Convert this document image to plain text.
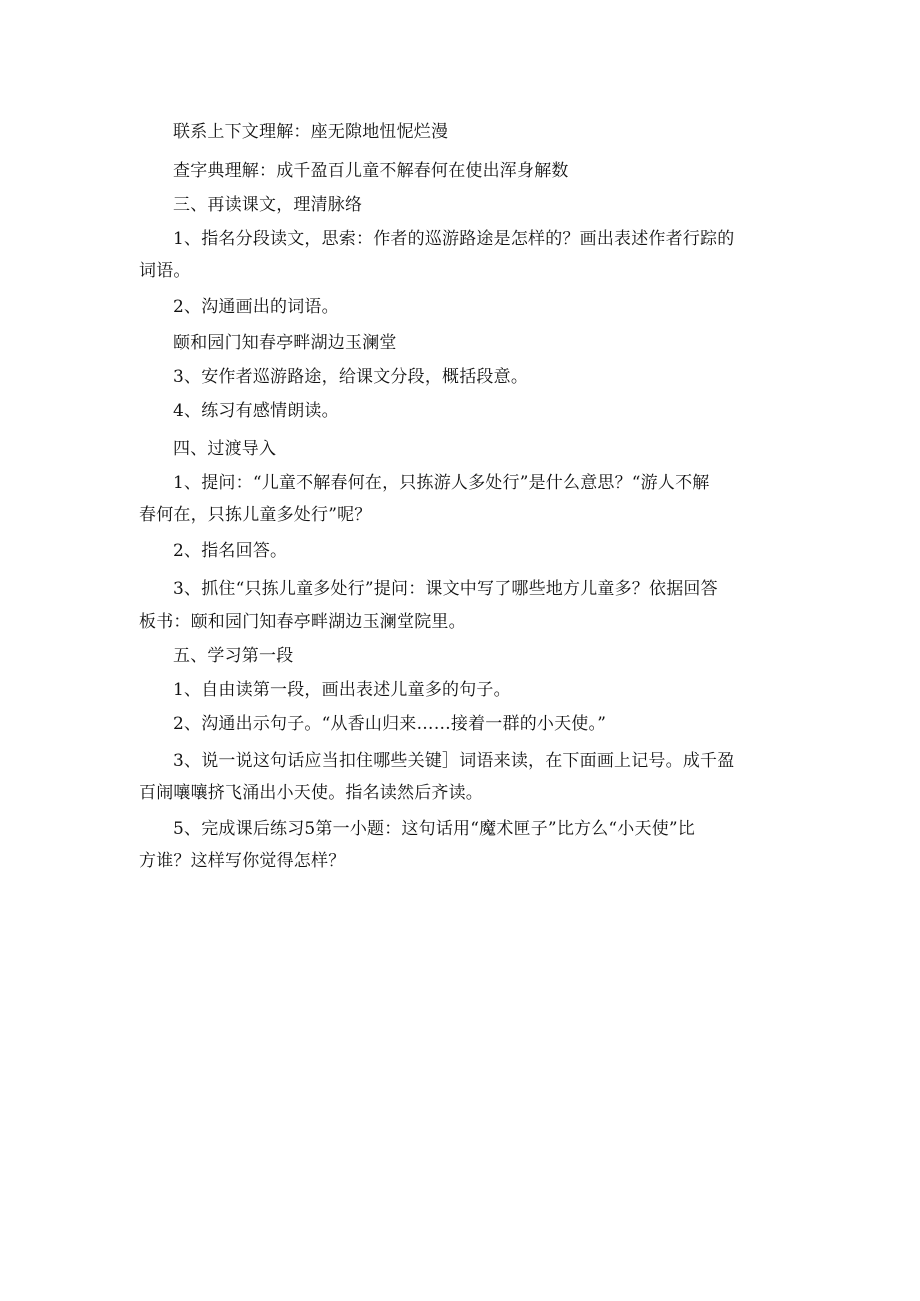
联系上下文理解：座无隙地忸怩烂漫
查字典理解：成千盈百儿童不解春何在使出浑身解数
三、再读课文，理清脉络
1、指名分段读文，思索：作者的巡游路途是怎样的？画出表述作者行踪的
词语。
2、沟通画出的词语。
颐和园门知春亭畔湖边玉澜堂
3、安作者巡游路途，给课文分段，概括段意。
4、练习有感情朗读。
四、过渡导入
1、提问：“儿童不解春何在，只拣游人多处行”是什么意思？“游人不解
春何在，只拣儿童多处行”呢？
2、指名回答。
3、抓住“只拣儿童多处行”提问：课文中写了哪些地方儿童多？依据回答
板书：颐和园门知春亭畔湖边玉澜堂院里。
五、学习第一段
1、自由读第一段，画出表述儿童多的句子。
2、沟通出示句子。“从香山归来……接着一群的小天使。”
3、说一说这句话应当扣住哪些关键］词语来读，在下面画上记号。成千盈
百闹嚷嚷挤飞涌出小天使。指名读然后齐读。
5、完成课后练习5第一小题：这句话用“魔术匣子”比方么“小天使”比
方谁？这样写你觉得怎样？
